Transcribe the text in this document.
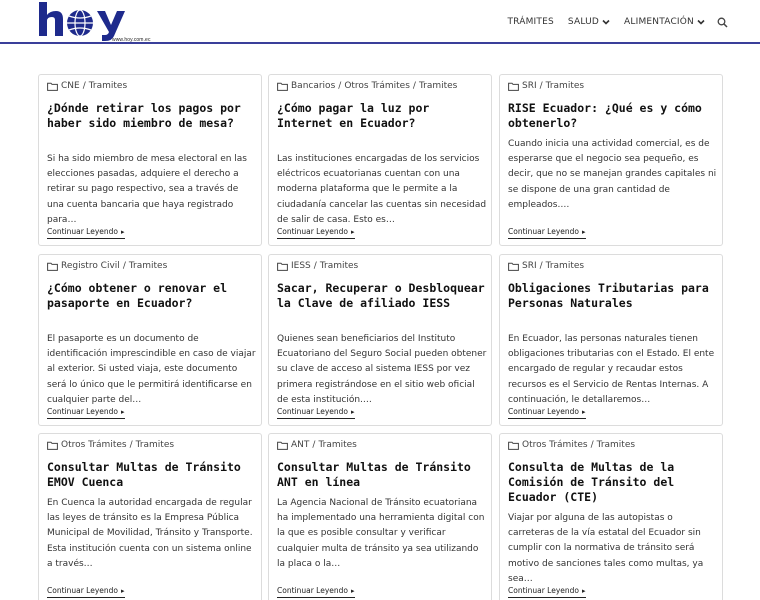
www.hoy.com.ec
TRÁMITES SALUD	ALIMENTACIÓN
CNE / Tramites
¿Dónde retirar los pagos por haber sido miembro de mesa?

Si ha sido miembro de mesa electoral en las elecciones pasadas, adquiere el derecho a retirar su pago respectivo, sea a través de una cuenta bancaria que haya registrado para…

Continuar Leyendo ▸
Bancarios / Otros Trámites / Tramites
¿Cómo pagar la luz por Internet en Ecuador?

Las instituciones encargadas de los servicios eléctricos ecuatorianas cuentan con una moderna plataforma que le permite a la ciudadanía cancelar las cuentas sin necesidad de salir de casa. Esto es…

Continuar Leyendo ▸
SRI / Tramites
RISE Ecuador: ¿Qué es y cómo obtenerlo?

Cuando inicia una actividad comercial, es de esperarse que el negocio sea pequeño, es decir, que no se manejan grandes capitales ni se dispone de una gran cantidad de empleados.…

Continuar Leyendo ▸
Registro Civil / Tramites
¿Cómo obtener o renovar el pasaporte en Ecuador?

El pasaporte es un documento de identificación imprescindible en caso de viajar al exterior. Si usted viaja, este documento será lo único que le permitirá identificarse en cualquier parte del…

Continuar Leyendo ▸
IESS / Tramites
Sacar, Recuperar o Desbloquear la Clave de afiliado IESS

Quienes sean beneficiarios del Instituto Ecuatoriano del Seguro Social pueden obtener su clave de acceso al sistema IESS por vez primera registrándose en el sitio web oficial de esta institución.…

Continuar Leyendo ▸
SRI / Tramites
Obligaciones Tributarias para Personas Naturales

En Ecuador, las personas naturales tienen obligaciones tributarias con el Estado. El ente encargado de regular y recaudar estos recursos es el Servicio de Rentas Internas. A continuación, le detallaremos…

Continuar Leyendo ▸
Otros Trámites / Tramites
Consultar Multas de Tránsito EMOV Cuenca

En Cuenca la autoridad encargada de regular las leyes de tránsito es la Empresa Pública Municipal de Movilidad, Tránsito y Transporte. Esta institución cuenta con un sistema online a través…

Continuar Leyendo ▸
ANT / Tramites
Consultar Multas de Tránsito ANT en línea

La Agencia Nacional de Tránsito ecuatoriana ha implementado una herramienta digital con la que es posible consultar y verificar cualquier multa de tránsito ya sea utilizando la placa o la…

Continuar Leyendo ▸
Otros Trámites / Tramites
Consulta de Multas de la Comisión de Tránsito del Ecuador (CTE)

Viajar por alguna de las autopistas o carreteras de la vía estatal del Ecuador sin cumplir con la normativa de tránsito será motivo de sanciones tales como multas, ya sea…

Continuar Leyendo ▸
